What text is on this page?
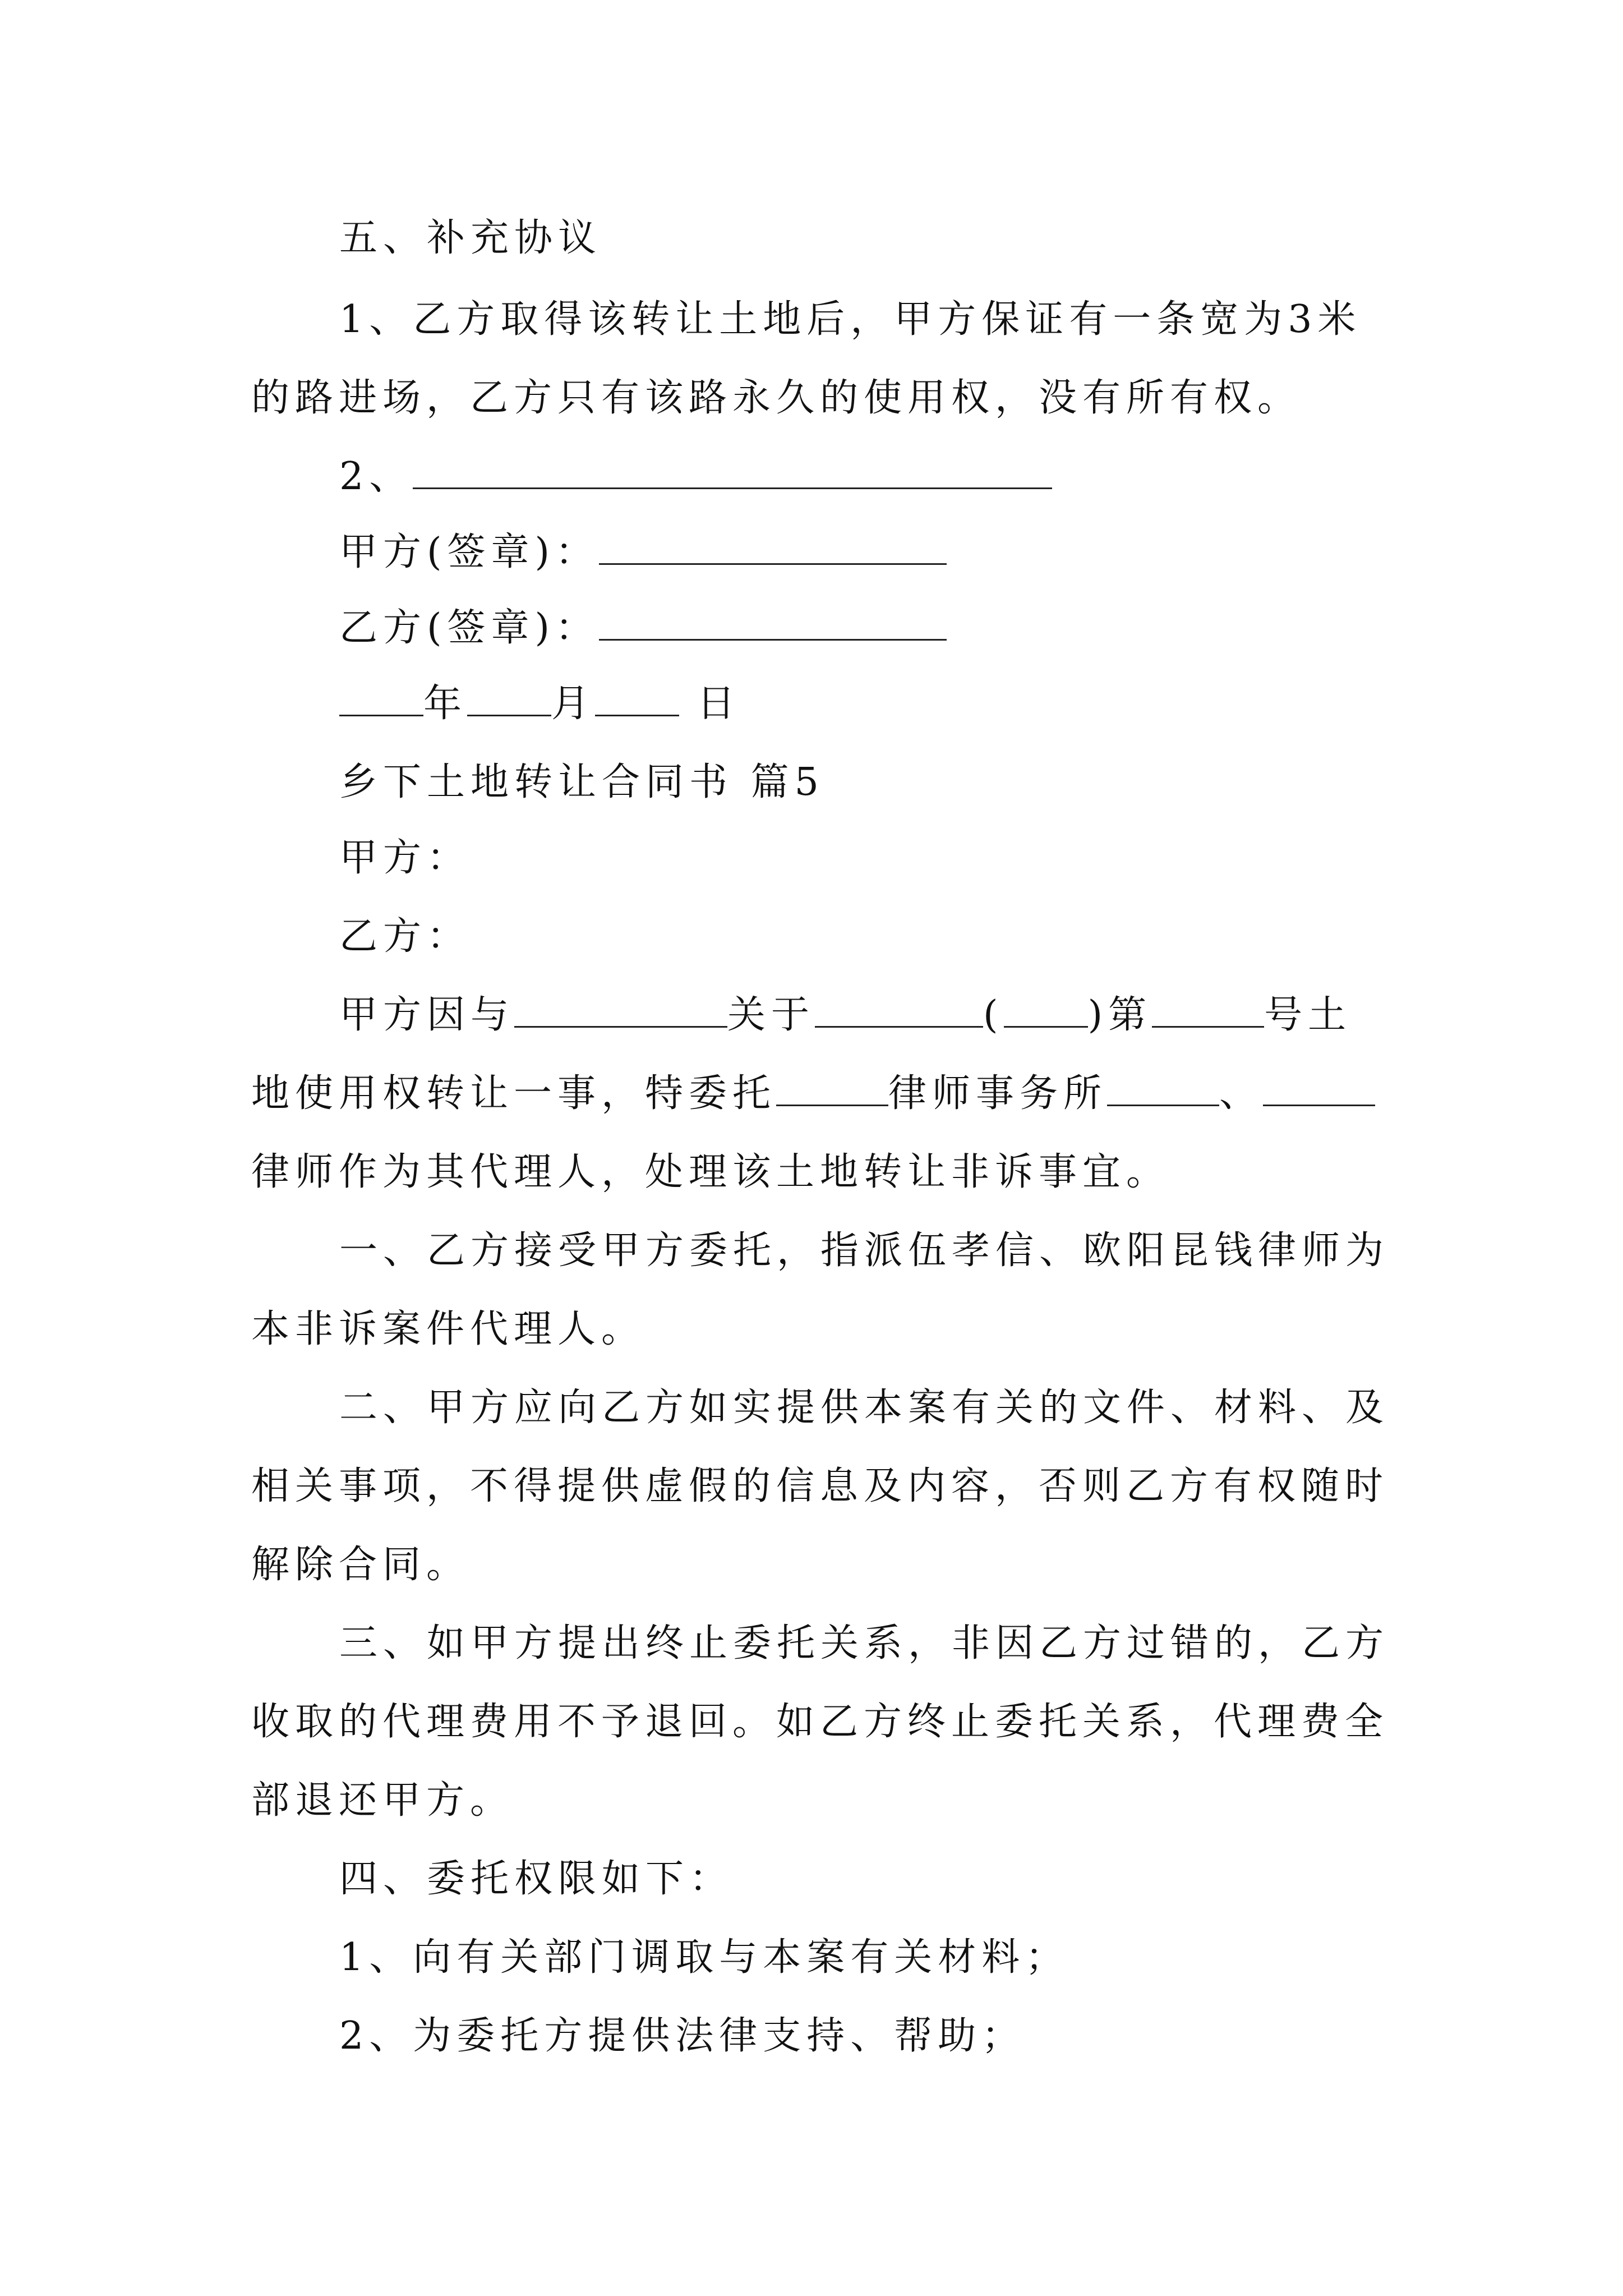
五、补充协议
1、乙方取得该转让土地后，甲方保证有一条宽为3米
的路进场，乙方只有该路永久的使用权，没有所有权。
2、
甲方(签章)：
乙方(签章)：
年 月	日
乡下土地转让合同书 篇5
甲方：
乙方：
甲方因与	关于	( )第	号土
地使用权转让一事，特委托	律师事务所	、
律师作为其代理人，处理该土地转让非诉事宜。
一、乙方接受甲方委托，指派伍孝信、欧阳昆钱律师为
本非诉案件代理人。
二、甲方应向乙方如实提供本案有关的文件、材料、及
相关事项，不得提供虚假的信息及内容，否则乙方有权随时
解除合同。
三、如甲方提出终止委托关系，非因乙方过错的，乙方
收取的代理费用不予退回。如乙方终止委托关系，代理费全
部退还甲方。
四、委托权限如下：
1、向有关部门调取与本案有关材料；
2、为委托方提供法律支持、帮助；
